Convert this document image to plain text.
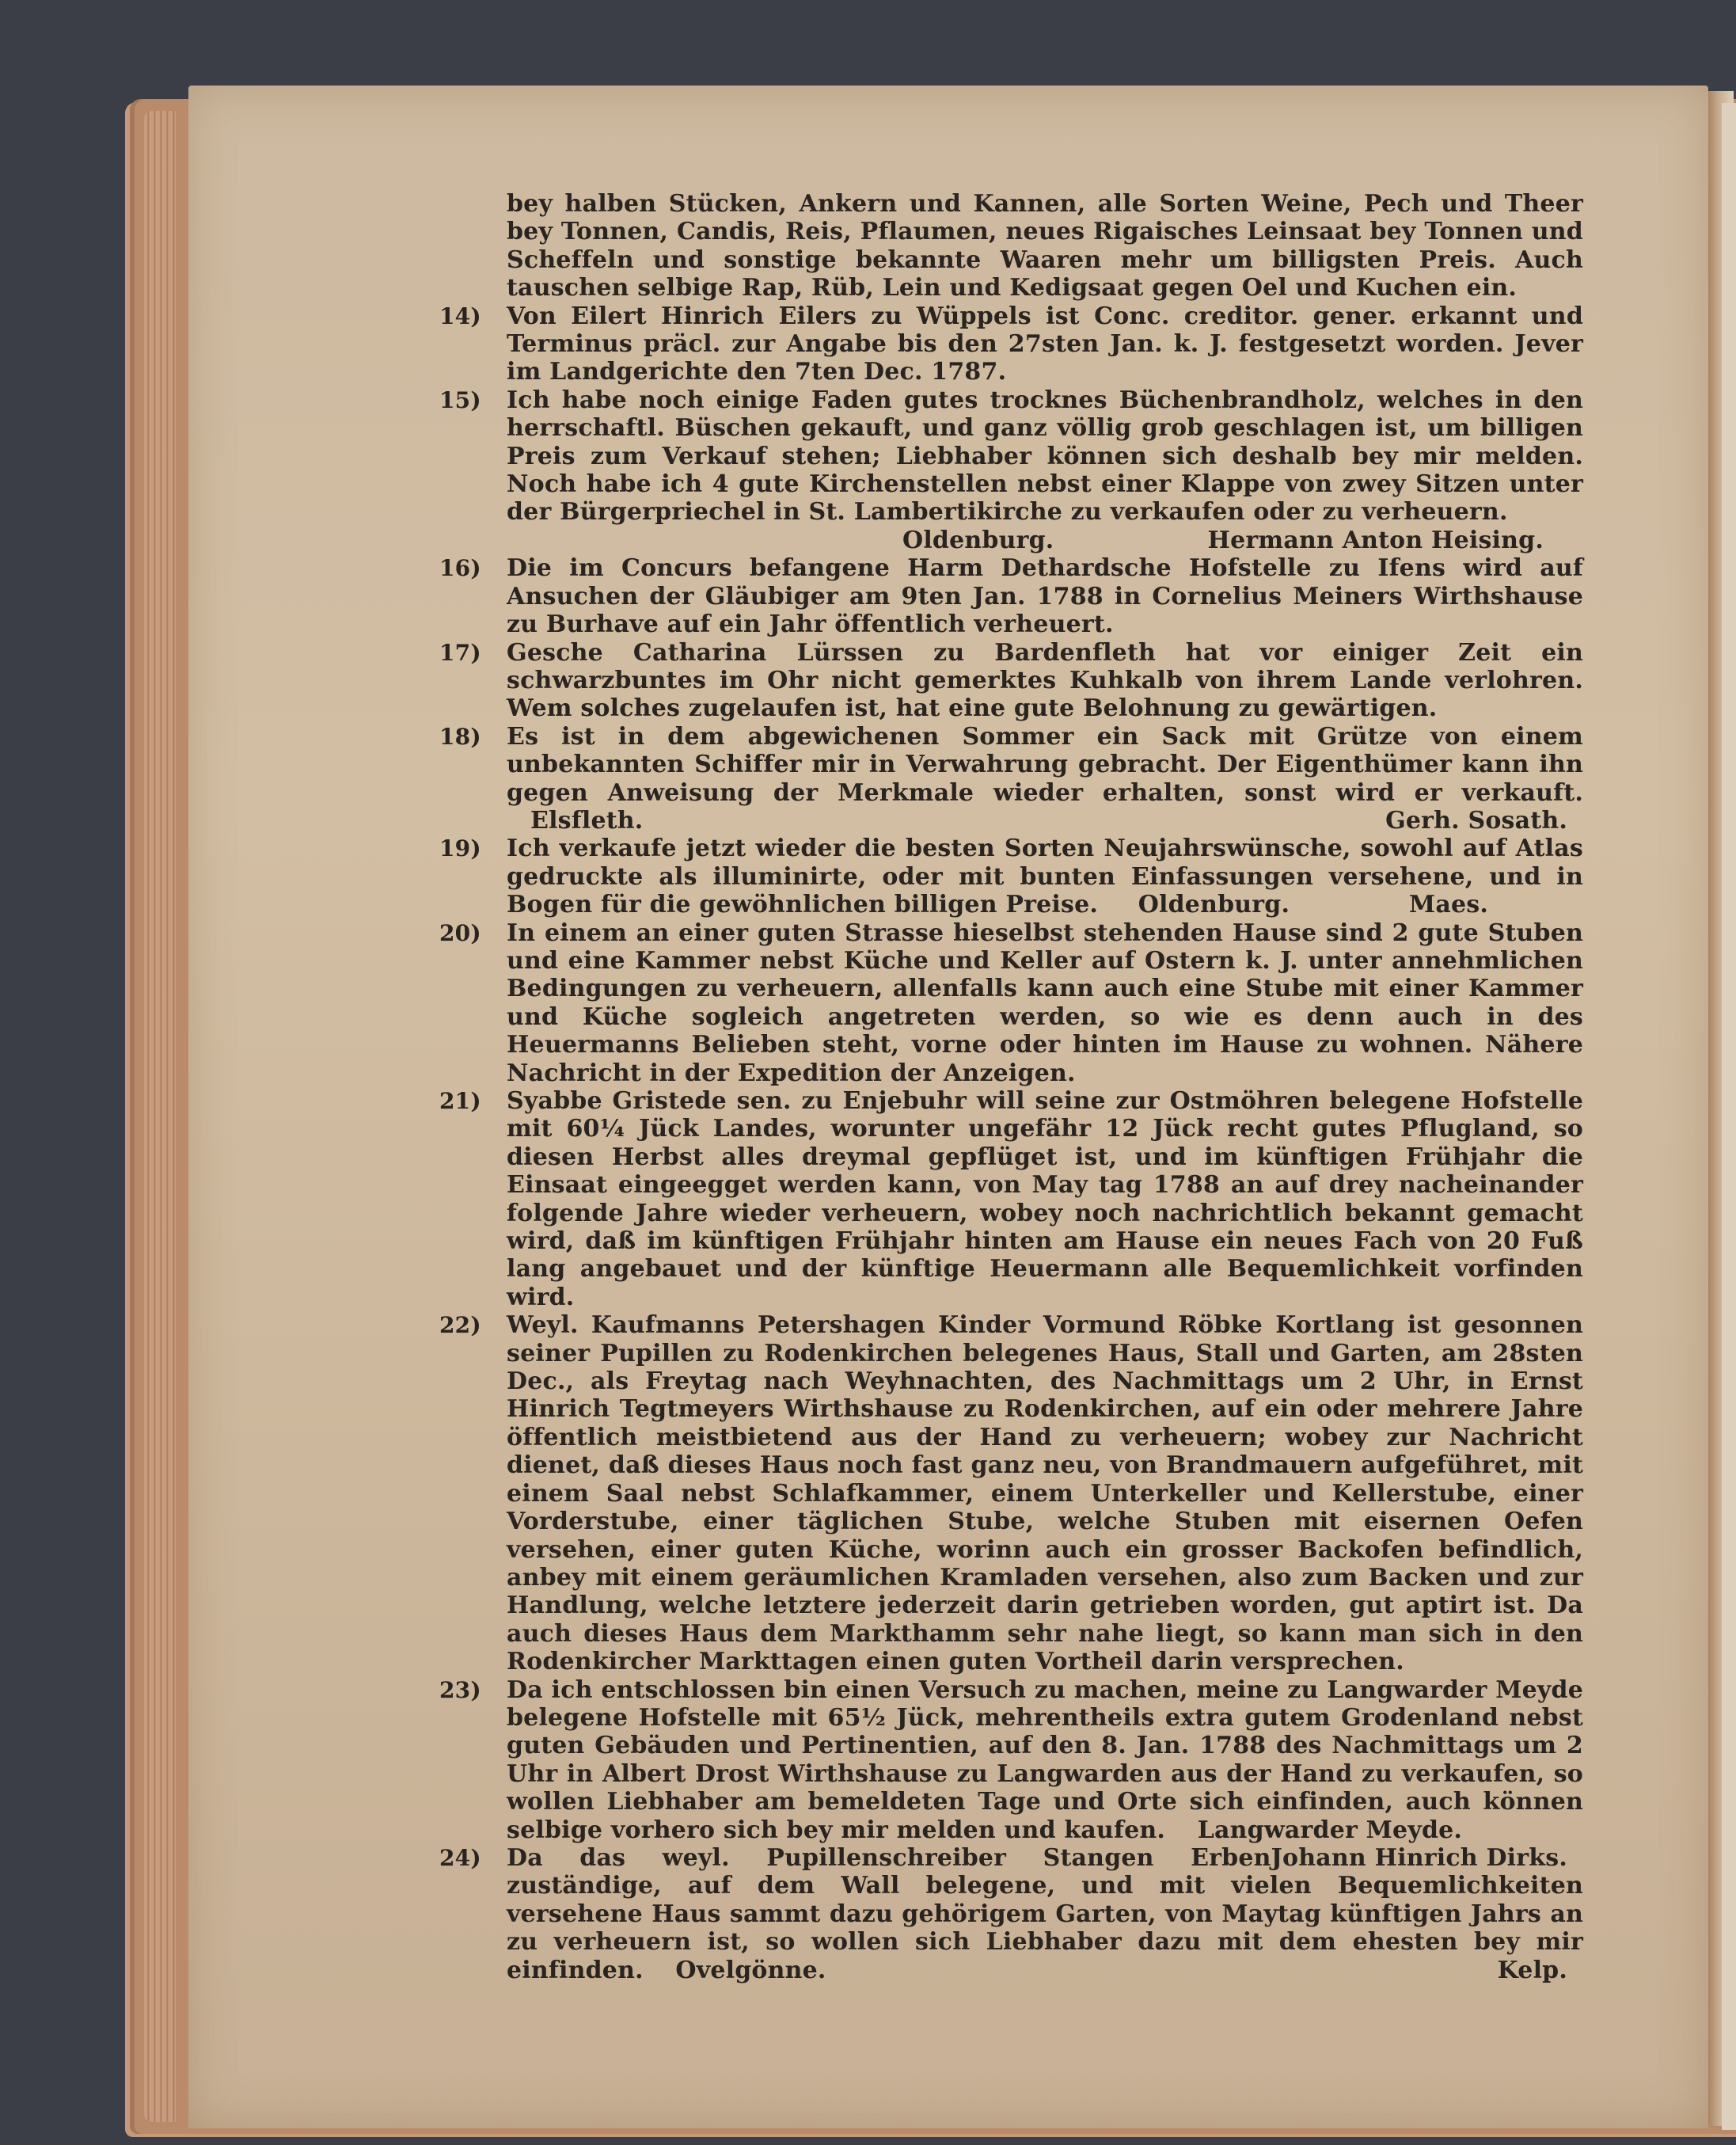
bey halben Stücken, Ankern und Kannen, alle Sorten Weine, Pech und Theer bey Tonnen, Candis, Reis, Pflaumen, neues Rigaisches Leinsaat bey Tonnen und Scheffeln und sonstige bekannte Waaren mehr um billigsten Preis. Auch tauschen selbige Rap, Rüb, Lein und Kedigsaat gegen Oel und Kuchen ein.
14)	Von Eilert Hinrich Eilers zu Wüppels ist Conc. creditor. gener. erkannt und Terminus präcl. zur Angabe bis den 27sten Jan. k. J. festgesetzt worden. Jever im Landgerichte den 7ten Dec. 1787.
15)	Ich habe noch einige Faden gutes trocknes Büchenbrandholz, welches in den herrschaftl. Büschen gekauft, und ganz völlig grob geschlagen ist, um billigen Preis zum Verkauf stehen; Liebhaber können sich deshalb bey mir melden. Noch habe ich 4 gute Kirchenstellen nebst einer Klappe von zwey Sitzen unter der Bürgerpriechel in St. Lambertikirche zu verkaufen oder zu verheuern.
Oldenburg.	Hermann Anton Heising.
16)	Die im Concurs befangene Harm Dethardsche Hofstelle zu Ifens wird auf Ansuchen der Gläubiger am 9ten Jan. 1788 in Cornelius Meiners Wirthshause zu Burhave auf ein Jahr öffentlich verheuert.
17)	Gesche Catharina Lürssen zu Bardenfleth hat vor einiger Zeit ein schwarzbuntes im Ohr nicht gemerktes Kuhkalb von ihrem Lande verlohren. Wem solches zugelaufen ist, hat eine gute Belohnung zu gewärtigen.
18)	Es ist in dem abgewichenen Sommer ein Sack mit Grütze von einem unbekannten Schiffer mir in Verwahrung gebracht. Der Eigenthümer kann ihn gegen Anweisung der Merkmale wieder erhalten, sonst wird er verkauft. Elsfleth.	Gerh. Sosath.
19)	Ich verkaufe jetzt wieder die besten Sorten Neujahrswünsche, sowohl auf Atlas gedruckte als illuminirte, oder mit bunten Einfassungen versehene, und in Bogen für die gewöhnlichen billigen Preise. Oldenburg.	Maes.
20)	In einem an einer guten Strasse hieselbst stehenden Hause sind 2 gute Stuben und eine Kammer nebst Küche und Keller auf Ostern k. J. unter annehmlichen Bedingungen zu verheuern, allenfalls kann auch eine Stube mit einer Kammer und Küche sogleich angetreten werden, so wie es denn auch in des Heuermanns Belieben steht, vorne oder hinten im Hause zu wohnen. Nähere Nachricht in der Expedition der Anzeigen.
21)	Syabbe Gristede sen. zu Enjebuhr will seine zur Ostmöhren belegene Hofstelle mit 60¼ Jück Landes, worunter ungefähr 12 Jück recht gutes Pflugland, so diesen Herbst alles dreymal gepflüget ist, und im künftigen Frühjahr die Einsaat eingeegget werden kann, von May tag 1788 an auf drey nacheinander folgende Jahre wieder verheuern, wobey noch nachrichtlich bekannt gemacht wird, daß im künftigen Frühjahr hinten am Hause ein neues Fach von 20 Fuß lang angebauet und der künftige Heuermann alle Bequemlichkeit vorfinden wird.
22)	Weyl. Kaufmanns Petershagen Kinder Vormund Röbke Kortlang ist gesonnen seiner Pupillen zu Rodenkirchen belegenes Haus, Stall und Garten, am 28sten Dec., als Freytag nach Weyhnachten, des Nachmittags um 2 Uhr, in Ernst Hinrich Tegtmeyers Wirthshause zu Rodenkirchen, auf ein oder mehrere Jahre öffentlich meistbietend aus der Hand zu verheuern; wobey zur Nachricht dienet, daß dieses Haus noch fast ganz neu, von Brandmauern aufgeführet, mit einem Saal nebst Schlafkammer, einem Unterkeller und Kellerstube, einer Vorderstube, einer täglichen Stube, welche Stuben mit eisernen Oefen versehen, einer guten Küche, worinn auch ein grosser Backofen befindlich, anbey mit einem geräumlichen Kramladen versehen, also zum Backen und zur Handlung, welche letztere jederzeit darin getrieben worden, gut aptirt ist. Da auch dieses Haus dem Markthamm sehr nahe liegt, so kann man sich in den Rodenkircher Markttagen einen guten Vortheil darin versprechen.
23)	Da ich entschlossen bin einen Versuch zu machen, meine zu Langwarder Meyde belegene Hofstelle mit 65½ Jück, mehrentheils extra gutem Grodenland nebst guten Gebäuden und Pertinentien, auf den 8. Jan. 1788 des Nachmittags um 2 Uhr in Albert Drost Wirthshause zu Langwarden aus der Hand zu verkaufen, so wollen Liebhaber am bemeldeten Tage und Orte sich einfinden, auch können selbige vorhero sich bey mir melden und kaufen. Langwarder Meyde.
Johann Hinrich Dirks.
24)	Da das weyl. Pupillenschreiber Stangen Erben zuständige, auf dem Wall belegene, und mit vielen Bequemlichkeiten versehene Haus sammt dazu gehörigem Garten, von Maytag künftigen Jahrs an zu verheuern ist, so wollen sich Liebhaber dazu mit dem ehesten bey mir einfinden. Ovelgönne.	Kelp.
